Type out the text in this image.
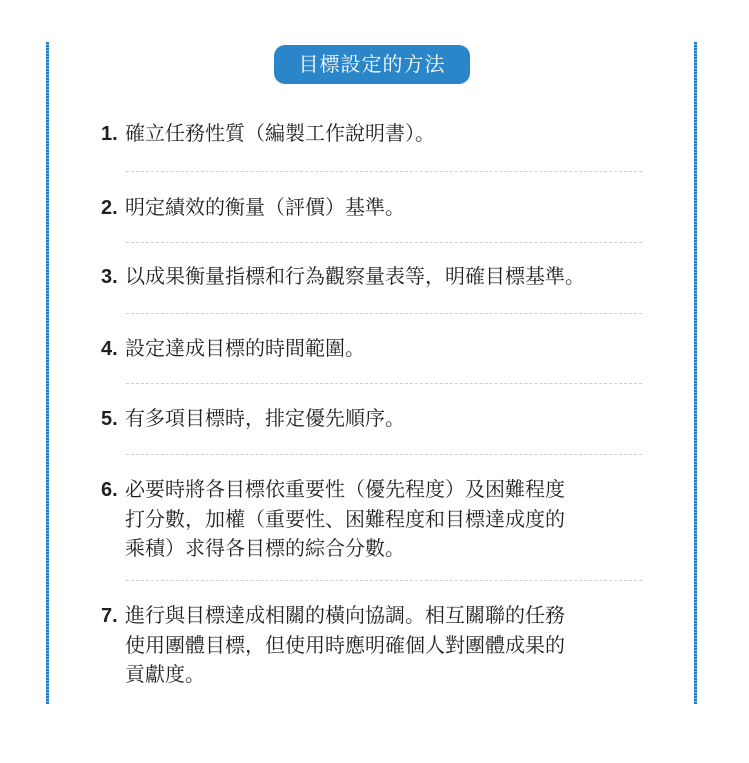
目標設定的方法
1. 確立任務性質（編製工作說明書）。
2. 明定績效的衡量（評價）基準。
3. 以成果衡量指標和行為觀察量表等，明確目標基準。
4. 設定達成目標的時間範圍。
5. 有多項目標時，排定優先順序。
6. 必要時將各目標依重要性（優先程度）及困難程度
打分數，加權（重要性、困難程度和目標達成度的
乘積）求得各目標的綜合分數。
7. 進行與目標達成相關的橫向協調。相互關聯的任務
使用團體目標，但使用時應明確個人對團體成果的
貢獻度。
